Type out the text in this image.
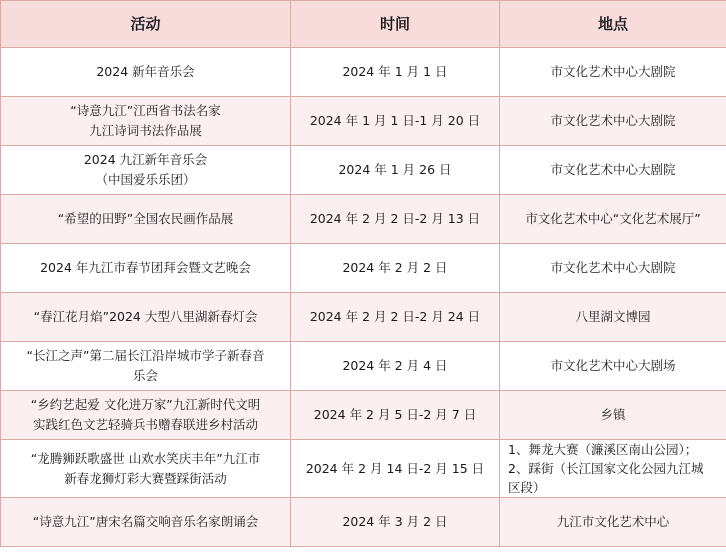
活动	时间	地点

2024 新年音乐会	2024 年 1 月 1 日	市文化艺术中心大剧院

“诗意九江”江西省书法名家
九江诗词书法作品展	2024 年 1 月 1 日-1 月 20 日	市文化艺术中心大剧院

2024 九江新年音乐会
（中国爱乐乐团）	2024 年 1 月 26 日	市文化艺术中心大剧院

“希望的田野”全国农民画作品展	2024 年 2 月 2 日-2 月 13 日	市文化艺术中心“文化艺术展厅”

2024 年九江市春节团拜会暨文艺晚会	2024 年 2 月 2 日	市文化艺术中心大剧院

“春江花月焰”2024 大型八里湖新春灯会	2024 年 2 月 2 日-2 月 24 日	八里湖文博园

“长江之声”第二届长江沿岸城市学子新春音
乐会	2024 年 2 月 4 日	市文化艺术中心大剧场

“乡约艺起爱 文化进万家”九江新时代文明
实践红色文艺轻骑兵书赠春联进乡村活动	2024 年 2 月 5 日-2 月 7 日	乡镇

“龙腾狮跃歌盛世 山欢水笑庆丰年”九江市
新春龙狮灯彩大赛暨踩街活动	2024 年 2 月 14 日-2 月 15 日	1、舞龙大赛（濂溪区南山公园）；
2、踩街（长江国家文化公园九江城
区段）

“诗意九江”唐宋名篇交响音乐名家朗诵会	2024 年 3 月 2 日	九江市文化艺术中心
